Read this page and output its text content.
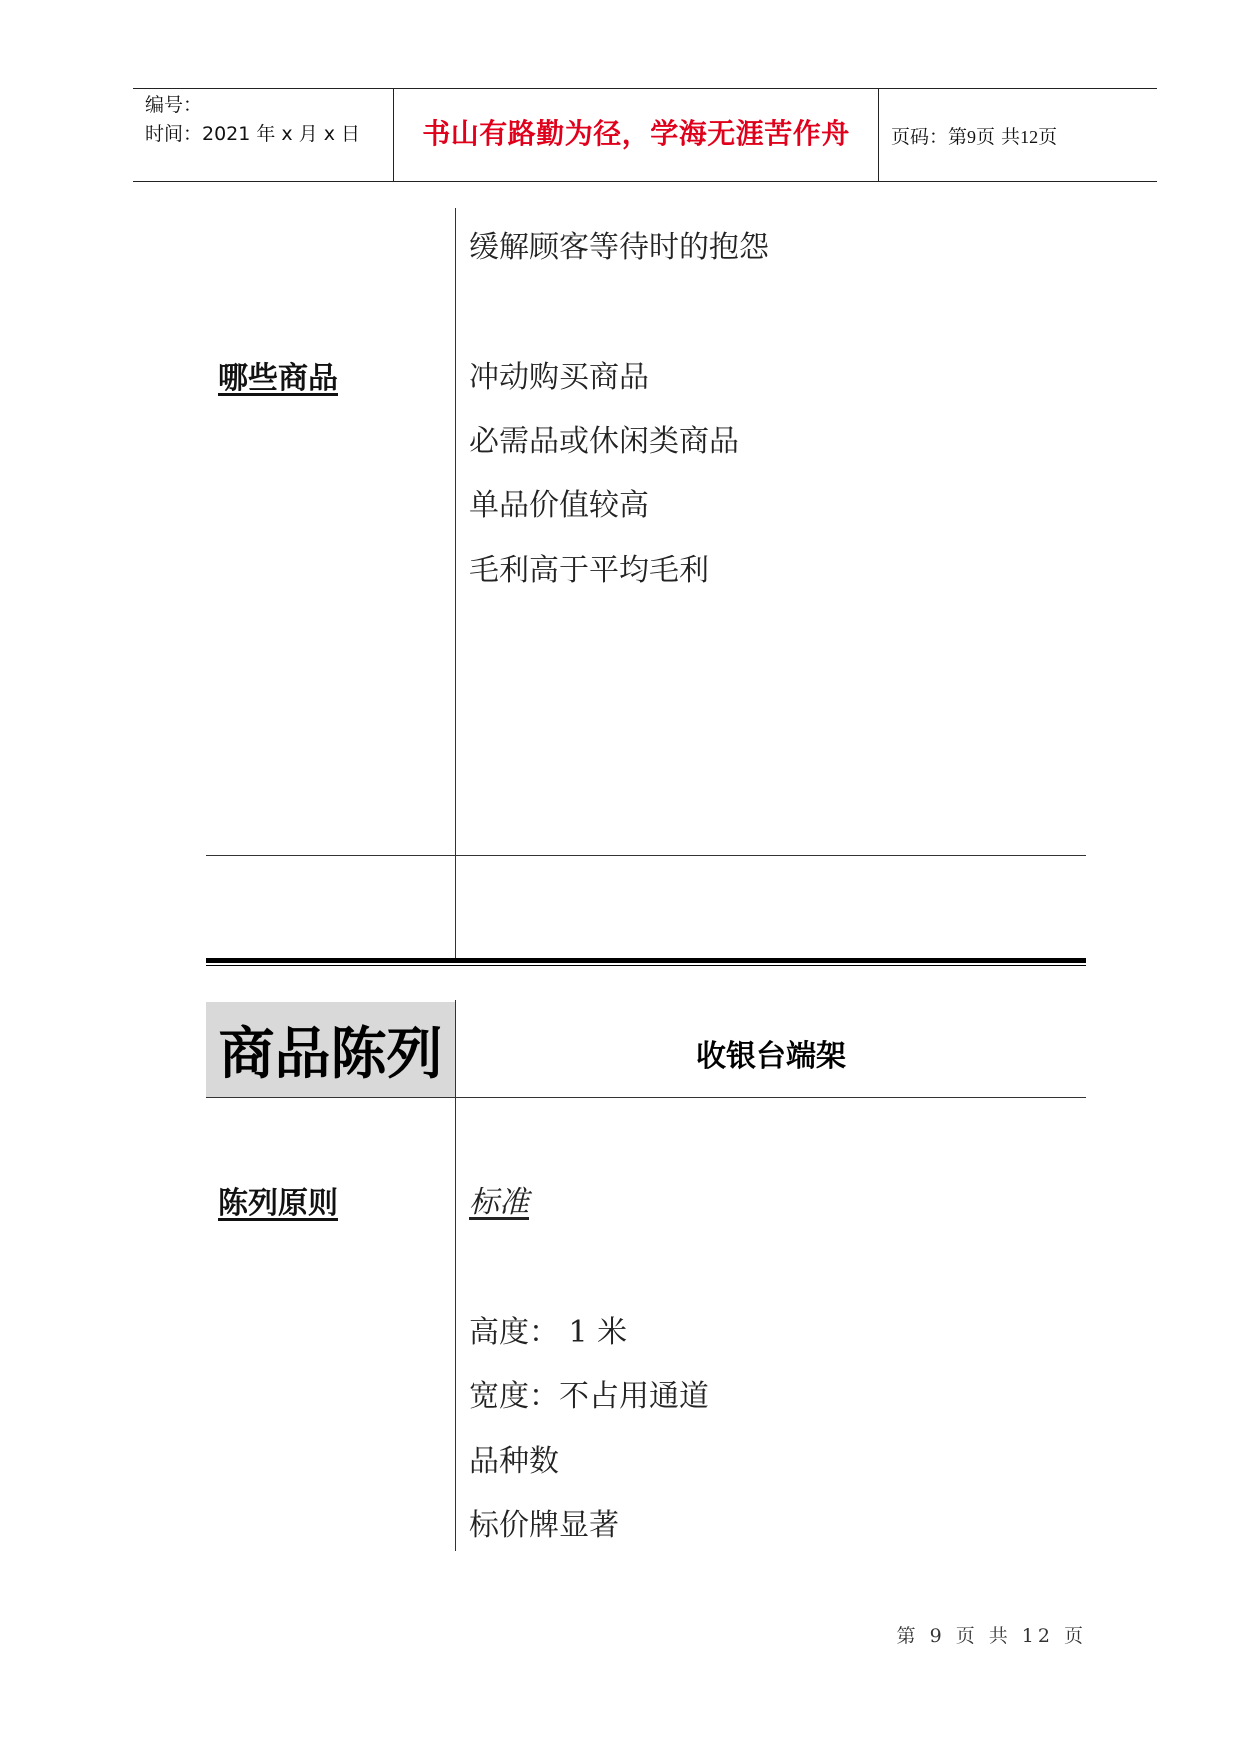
编号：
时间：2021 年 x 月 x 日	书山有路勤为径，学海无涯苦作舟	页码：第9页 共12页
缓解顾客等待时的抱怨
哪些商品	冲动购买商品
必需品或休闲类商品
单品价值较高
毛利高于平均毛利
商品陈列	收银台端架
陈列原则	标准
高度： 1 米
宽度：不占用通道
品种数
标价牌显著
第 9 页 共 12 页
